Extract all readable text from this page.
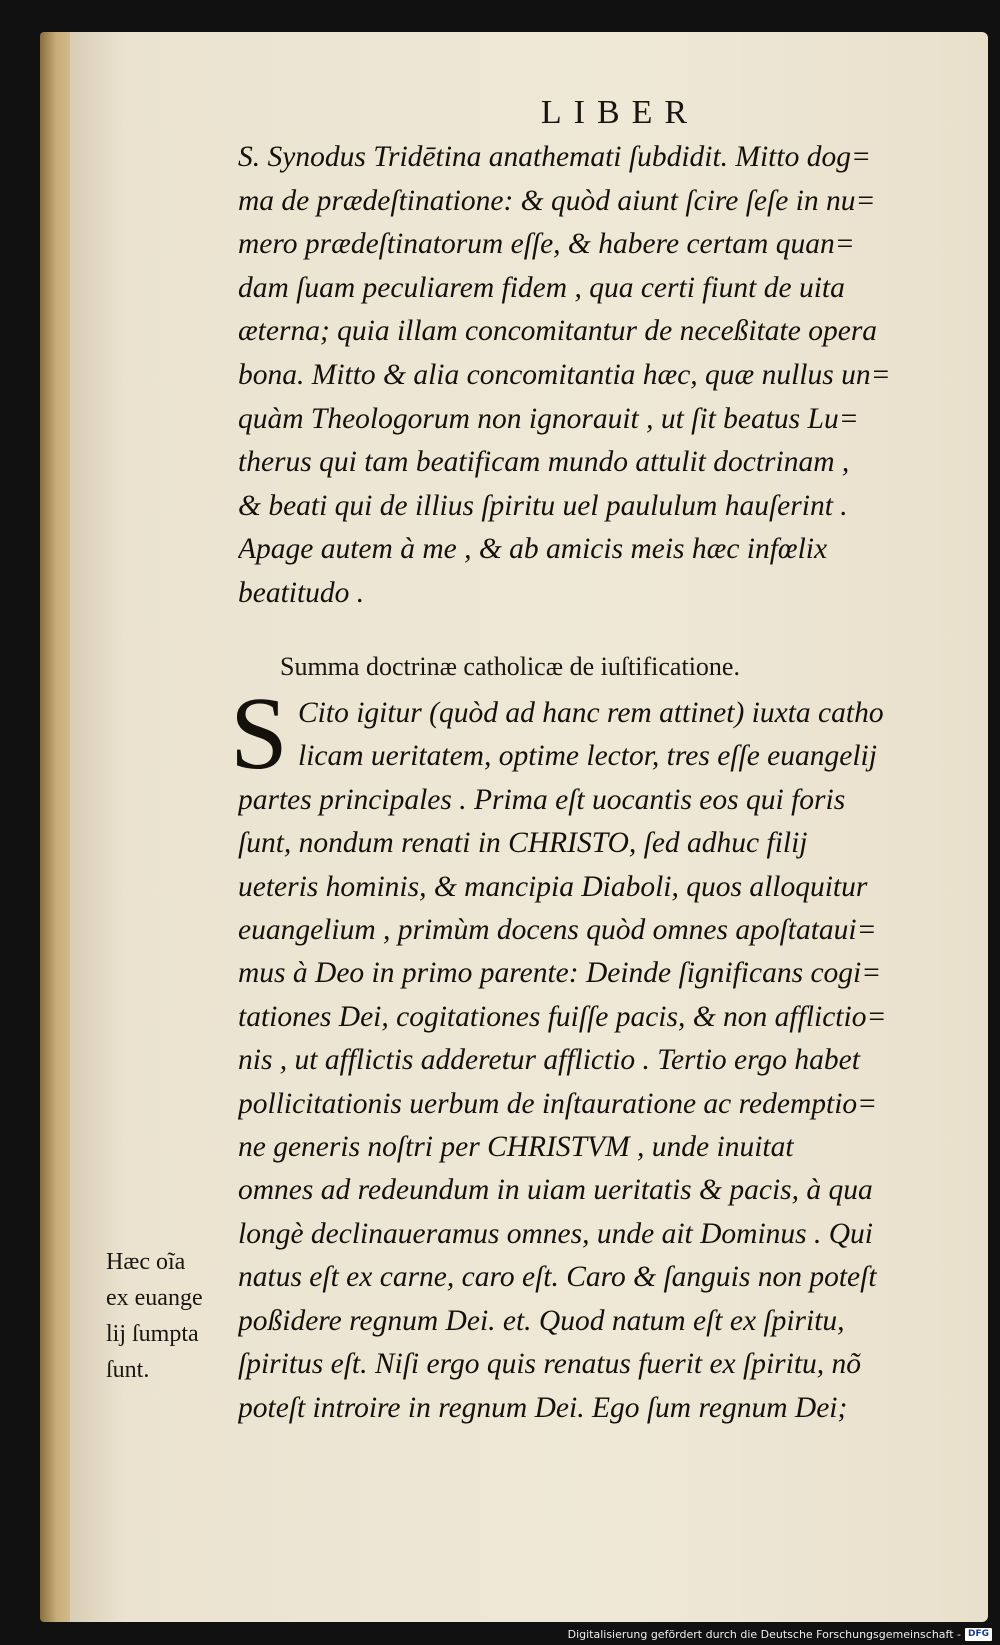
LIBER
S. Synodus Tridētina anathemati ſubdidit. Mitto dog=
ma de prædeſtinatione: & quòd aiunt ſcire ſeſe in nu=
mero prædeſtinatorum eſſe, & habere certam quan=
dam ſuam peculiarem fidem , qua certi fiunt de uita
æterna; quia illam concomitantur de neceßitate opera
bona. Mitto & alia concomitantia hæc, quæ nullus un=
quàm Theologorum non ignorauit , ut ſit beatus Lu=
therus qui tam beatificam mundo attulit doctrinam ,
& beati qui de illius ſpiritu uel paululum hauſerint .
Apage autem à me , & ab amicis meis hæc infœlix
beatitudo .
Summa doctrinæ catholicæ de iuſtificatione.
S Cito igitur (quòd ad hanc rem attinet) iuxta catho
licam ueritatem, optime lector, tres eſſe euangelij
partes principales . Prima eſt uocantis eos qui foris
ſunt, nondum renati in CHRISTO, ſed adhuc filij
ueteris hominis, & mancipia Diaboli, quos alloquitur
euangelium , primùm docens quòd omnes apoſtataui=
mus à Deo in primo parente: Deinde ſignificans cogi=
tationes Dei, cogitationes fuiſſe pacis, & non afflictio=
nis , ut afflictis adderetur afflictio . Tertio ergo habet
pollicitationis uerbum de inſtauratione ac redemptio=
ne generis noſtri per CHRISTVM , unde inuitat
omnes ad redeundum in uiam ueritatis & pacis, à qua
longè declinaueramus omnes, unde ait Dominus . Qui
natus eſt ex carne, caro eſt. Caro & ſanguis non poteſt
poßidere regnum Dei. et. Quod natum eſt ex ſpiritu,
ſpiritus eſt. Niſi ergo quis renatus fuerit ex ſpiritu, nõ
poteſt introire in regnum Dei. Ego ſum regnum Dei;
Hæc oĩa
ex euange
lij ſumpta
ſunt.
Digitalisierung gefördert durch die Deutsche Forschungsgemeinschaft - DFG
